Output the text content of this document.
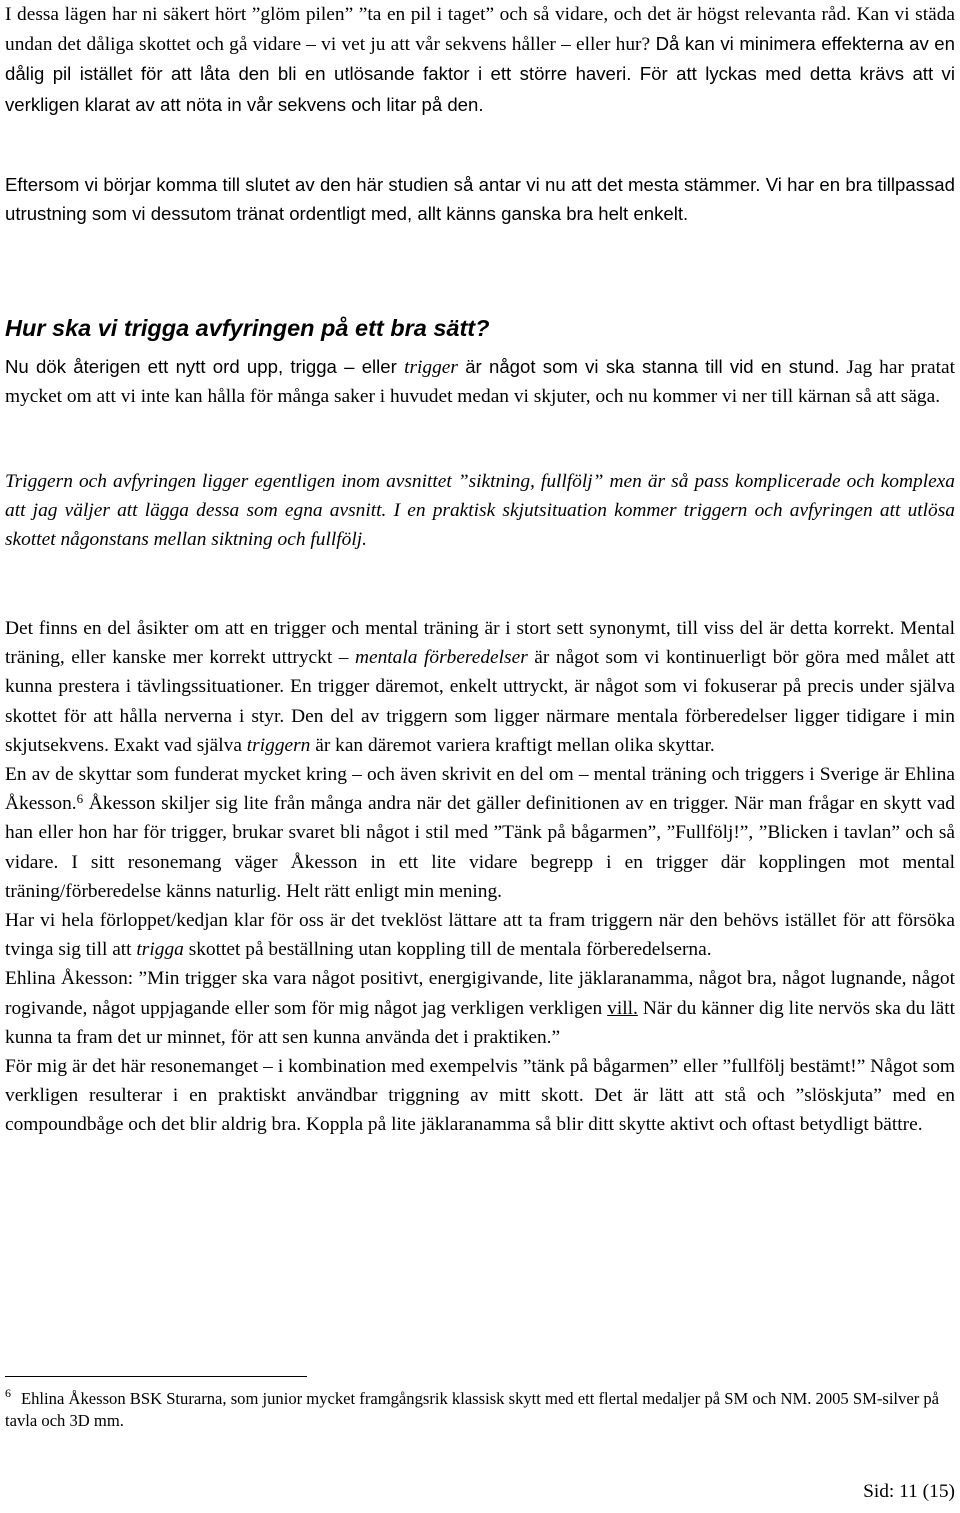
I dessa lägen har ni säkert hört ”glöm pilen” ”ta en pil i taget” och så vidare, och det är högst relevanta råd. Kan vi städa undan det dåliga skottet och gå vidare – vi vet ju att vår sekvens håller – eller hur? Då kan vi minimera effekterna av en dålig pil istället för att låta den bli en utlösande faktor i ett större haveri. För att lyckas med detta krävs att vi verkligen klarat av att nöta in vår sekvens och litar på den.

Eftersom vi börjar komma till slutet av den här studien så antar vi nu att det mesta stämmer. Vi har en bra tillpassad utrustning som vi dessutom tränat ordentligt med, allt känns ganska bra helt enkelt.

Hur ska vi trigga avfyringen på ett bra sätt?

Nu dök återigen ett nytt ord upp, trigga – eller trigger är något som vi ska stanna till vid en stund. Jag har pratat mycket om att vi inte kan hålla för många saker i huvudet medan vi skjuter, och nu kommer vi ner till kärnan så att säga.

Triggern och avfyringen ligger egentligen inom avsnittet ”siktning, fullfölj” men är så pass komplicerade och komplexa att jag väljer att lägga dessa som egna avsnitt. I en praktisk skjutsituation kommer triggern och avfyringen att utlösa skottet någonstans mellan siktning och fullfölj.

Det finns en del åsikter om att en trigger och mental träning är i stort sett synonymt, till viss del är detta korrekt. Mental träning, eller kanske mer korrekt uttryckt – mentala förberedelser är något som vi kontinuerligt bör göra med målet att kunna prestera i tävlingssituationer. En trigger däremot, enkelt uttryckt, är något som vi fokuserar på precis under själva skottet för att hålla nerverna i styr. Den del av triggern som ligger närmare mentala förberedelser ligger tidigare i min skjutsekvens. Exakt vad själva triggern är kan däremot variera kraftigt mellan olika skyttar.

En av de skyttar som funderat mycket kring – och även skrivit en del om – mental träning och triggers i Sverige är Ehlina Åkesson.$^6$ Åkesson skiljer sig lite från många andra när det gäller definitionen av en trigger. När man frågar en skytt vad han eller hon har för trigger, brukar svaret bli något i stil med ”Tänk på bågarmen”, ”Fullfölj!”, ”Blicken i tavlan” och så vidare. I sitt resonemang väger Åkesson in ett lite vidare begrepp i en trigger där kopplingen mot mental träning/förberedelse känns naturlig. Helt rätt enligt min mening.

Har vi hela förloppet/kedjan klar för oss är det tveklöst lättare att ta fram triggern när den behövs istället för att försöka tvinga sig till att trigga skottet på beställning utan koppling till de mentala förberedelserna.

Ehlina Åkesson: ”Min trigger ska vara något positivt, energigivande, lite jäklaranamma, något bra, något lugnande, något rogivande, något uppjagande eller som för mig något jag verkligen verkligen vill. När du känner dig lite nervös ska du lätt kunna ta fram det ur minnet, för att sen kunna använda det i praktiken.”

För mig är det här resonemanget – i kombination med exempelvis ”tänk på bågarmen” eller ”fullfölj bestämt!” Något som verkligen resulterar i en praktiskt användbar triggning av mitt skott. Det är lätt att stå och ”slöskjuta” med en compoundbåge och det blir aldrig bra. Koppla på lite jäklaranamma så blir ditt skytte aktivt och oftast betydligt bättre.

$^6$ Ehlina Åkesson BSK Sturarna, som junior mycket framgångsrik klassisk skytt med ett flertal medaljer på SM och NM. 2005 SM-silver på tavla och 3D mm.

Sid: 11 (15)
